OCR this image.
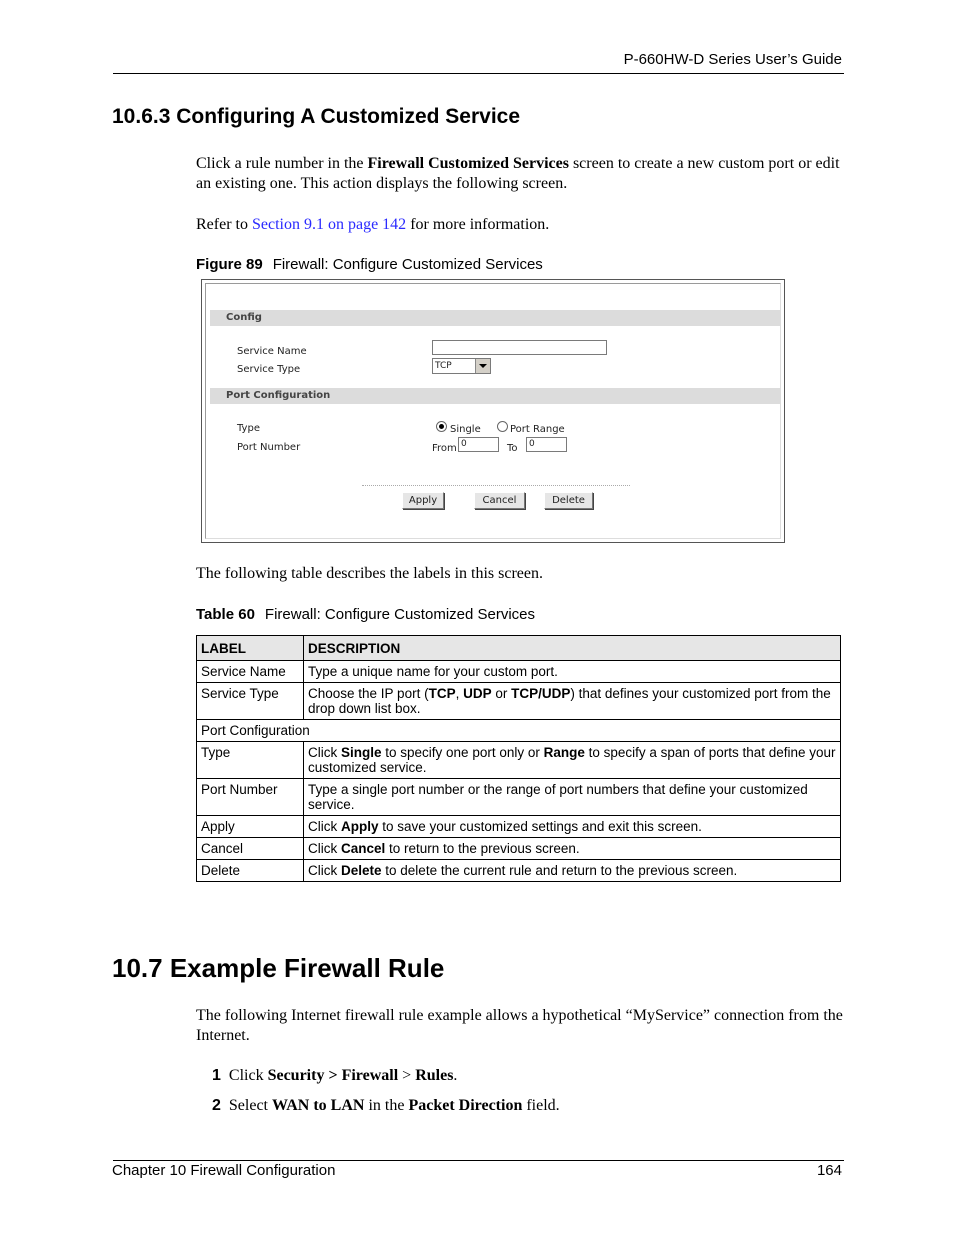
P-660HW-D Series User’s Guide
10.6.3 Configuring A Customized Service
Click a rule number in the Firewall Customized Services screen to create a new custom port or edit an existing one. This action displays the following screen.
Refer to Section 9.1 on page 142 for more information.
Figure 89 Firewall: Configure Customized Services
Config
Service Name
Service Type	TCP
Port Configuration
Type	Single	Port Range
Port Number	From 0	To	0
Apply	Cancel	Delete
The following table describes the labels in this screen.
Table 60 Firewall: Configure Customized Services
LABEL	DESCRIPTION
Service Name	Type a unique name for your custom port.
Service Type	Choose the IP port (TCP, UDP or TCP/UDP) that defines your customized port from the drop down list box.
Port Configuration	
Type	Click Single to specify one port only or Range to specify a span of ports that define your customized service.
Port Number	Type a single port number or the range of port numbers that define your customized service.
Apply	Click Apply to save your customized settings and exit this screen.
Cancel	Click Cancel to return to the previous screen.
Delete	Click Delete to delete the current rule and return to the previous screen.
10.7 Example Firewall Rule
The following Internet firewall rule example allows a hypothetical “MyService” connection from the Internet.
1 Click Security > Firewall > Rules.
2 Select WAN to LAN in the Packet Direction field.
Chapter 10 Firewall Configuration	164
